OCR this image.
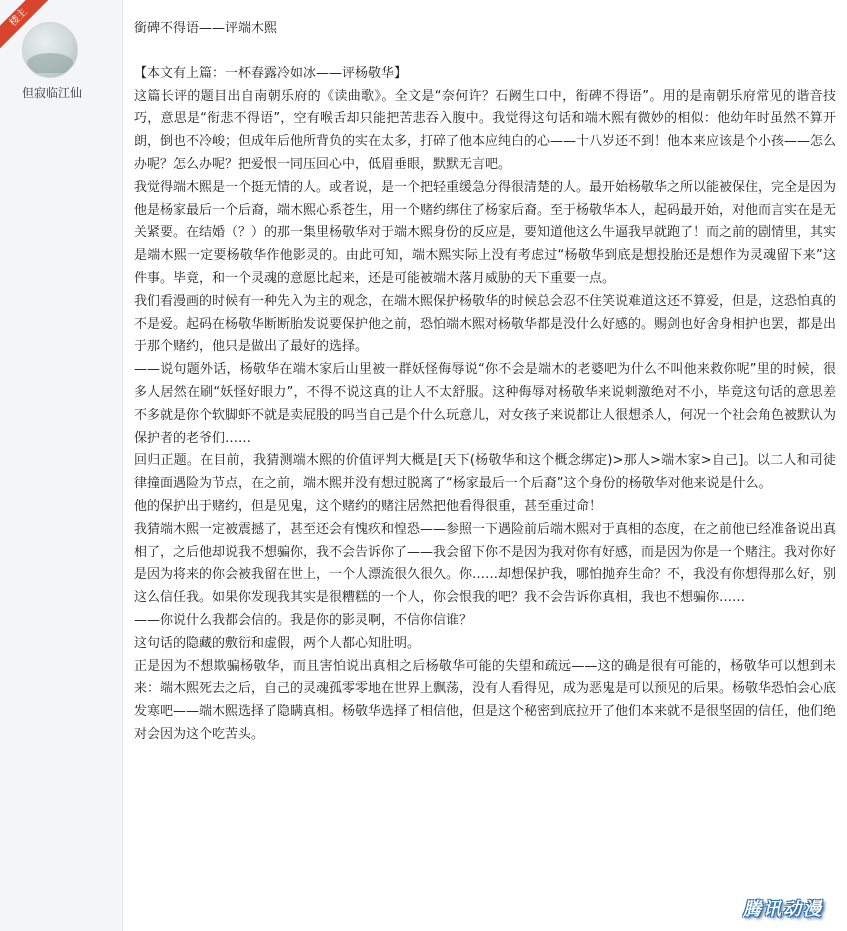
楼主
但寂临江仙

銜碑不得语——评端木熙

【本文有上篇：一杯春露冷如冰——评杨敬华】

这篇长评的题目出自南朝乐府的《读曲歌》。全文是“奈何许？石阙生口中，衔碑不得语”。用的是南朝乐府常见的谐音技巧，意思是“衔悲不得语”，空有喉舌却只能把苦悲吞入腹中。我觉得这句话和端木熙有微妙的相似：他幼年时虽然不算开朗，倒也不冷峻；但成年后他所背负的实在太多，打碎了他本应纯白的心——十八岁还不到！他本来应该是个小孩——怎么办呢？怎么办呢？把爱恨一同压回心中，低眉垂眼，默默无言吧。

我觉得端木熙是一个挺无情的人。或者说，是一个把轻重缓急分得很清楚的人。最开始杨敬华之所以能被保住，完全是因为他是杨家最后一个后裔，端木熙心系苍生，用一个赌约绑住了杨家后裔。至于杨敬华本人，起码最开始，对他而言实在是无关紧要。在结婚（？）的那一集里杨敬华对于端木熙身份的反应是，要知道他这么牛逼我早就跑了！而之前的剧情里，其实是端木熙一定要杨敬华作他影灵的。由此可知，端木熙实际上没有考虑过“杨敬华到底是想投胎还是想作为灵魂留下来”这件事。毕竟，和一个灵魂的意愿比起来，还是可能被端木落月威胁的天下重要一点。

我们看漫画的时候有一种先入为主的观念，在端木熙保护杨敬华的时候总会忍不住笑说难道这还不算爱，但是，这恐怕真的不是爱。起码在杨敬华断断胎发说要保护他之前，恐怕端木熙对杨敬华都是没什么好感的。赐剑也好舍身相护也罢，都是出于那个赌约，他只是做出了最好的选择。

——说句题外话，杨敬华在端木家后山里被一群妖怪侮辱说“你不会是端木的老婆吧为什么不叫他来救你呢”里的时候，很多人居然在刷“妖怪好眼力”，不得不说这真的让人不太舒服。这种侮辱对杨敬华来说刺激绝对不小，毕竟这句话的意思差不多就是你个软脚虾不就是卖屁股的吗当自己是个什么玩意儿，对女孩子来说都让人很想杀人，何况一个社会角色被默认为保护者的老爷们……

回归正题。在目前，我猜测端木熙的价值评判大概是[天下(杨敬华和这个概念绑定)>那人>端木家>自己]。以二人和司徒律撞面遇险为节点，在之前，端木熙并没有想过脱离了“杨家最后一个后裔”这个身份的杨敬华对他来说是什么。

他的保护出于赌约，但是见鬼，这个赌约的赌注居然把他看得很重，甚至重过命！

我猜端木熙一定被震撼了，甚至还会有愧疚和惶恐——参照一下遇险前后端木熙对于真相的态度，在之前他已经准备说出真相了，之后他却说我不想骗你，我不会告诉你了——我会留下你不是因为我对你有好感，而是因为你是一个赌注。我对你好是因为将来的你会被我留在世上，一个人漂流很久很久。你……却想保护我，哪怕抛弃生命？不，我没有你想得那么好，别这么信任我。如果你发现我其实是很糟糕的一个人，你会恨我的吧？我不会告诉你真相，我也不想骗你……

——你说什么我都会信的。我是你的影灵啊，不信你信谁？

这句话的隐藏的敷衍和虚假，两个人都心知肚明。

正是因为不想欺骗杨敬华，而且害怕说出真相之后杨敬华可能的失望和疏远——这的确是很有可能的，杨敬华可以想到未来：端木熙死去之后，自己的灵魂孤零零地在世界上飘荡，没有人看得见，成为恶鬼是可以预见的后果。杨敬华恐怕会心底发寒吧——端木熙选择了隐瞒真相。杨敬华选择了相信他，但是这个秘密到底拉开了他们本来就不是很坚固的信任，他们绝对会因为这个吃苦头。

腾讯动漫
